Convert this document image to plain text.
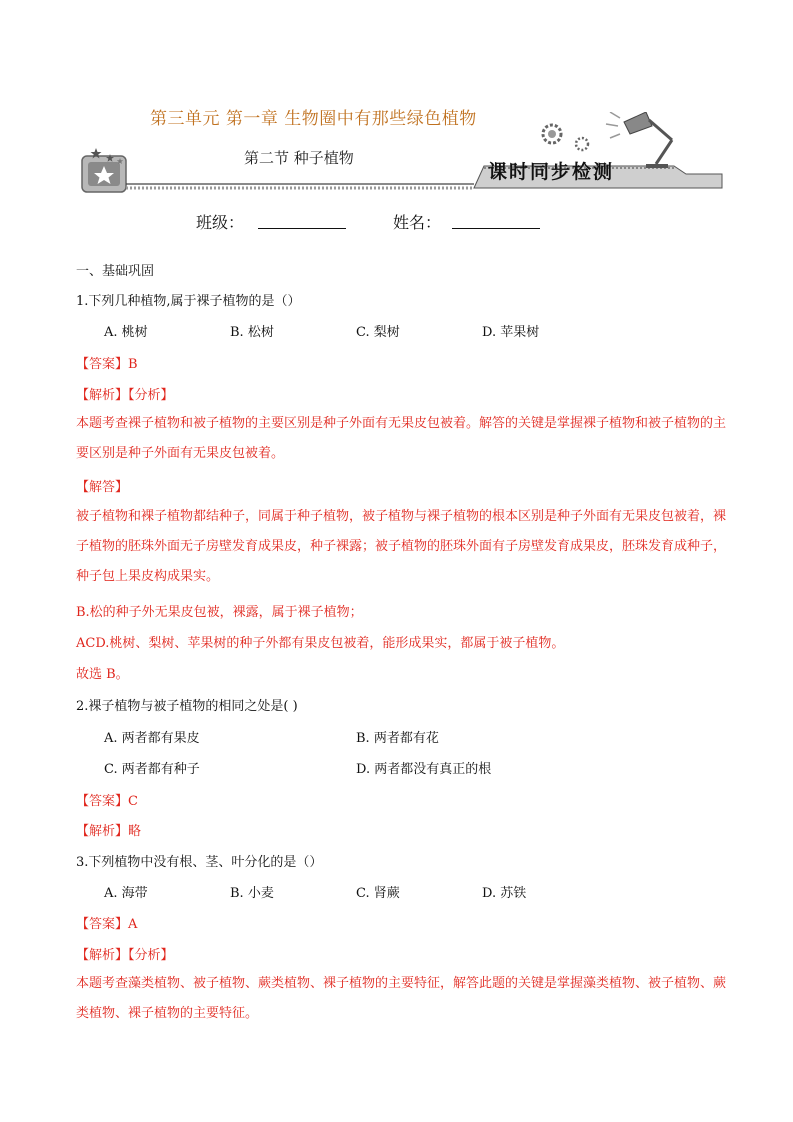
第三单元 第一章 生物圈中有那些绿色植物
第二节 种子植物
课时同步检测
班级：	姓名：
一、基础巩固
1.下列几种植物,属于裸子植物的是（）
A. 桃树	B. 松树	C. 梨树	D. 苹果树
【答案】B
【解析】【分析】
本题考查裸子植物和被子植物的主要区别是种子外面有无果皮包被着。解答的关键是掌握裸子植物和被子植物的主要区别是种子外面有无果皮包被着。
【解答】
被子植物和裸子植物都结种子，同属于种子植物，被子植物与裸子植物的根本区别是种子外面有无果皮包被着，裸子植物的胚珠外面无子房壁发育成果皮，种子裸露；被子植物的胚珠外面有子房壁发育成果皮，胚珠发育成种子，种子包上果皮构成果实。
B.松的种子外无果皮包被，裸露，属于裸子植物；
ACD.桃树、梨树、苹果树的种子外都有果皮包被着，能形成果实，都属于被子植物。
故选 B。
2.裸子植物与被子植物的相同之处是( )
A. 两者都有果皮	B. 两者都有花
C. 两者都有种子	D. 两者都没有真正的根
【答案】C
【解析】略
3.下列植物中没有根、茎、叶分化的是（）
A. 海带	B. 小麦	C. 肾蕨	D. 苏铁
【答案】A
【解析】【分析】
本题考查藻类植物、被子植物、蕨类植物、裸子植物的主要特征，解答此题的关键是掌握藻类植物、被子植物、蕨类植物、裸子植物的主要特征。
